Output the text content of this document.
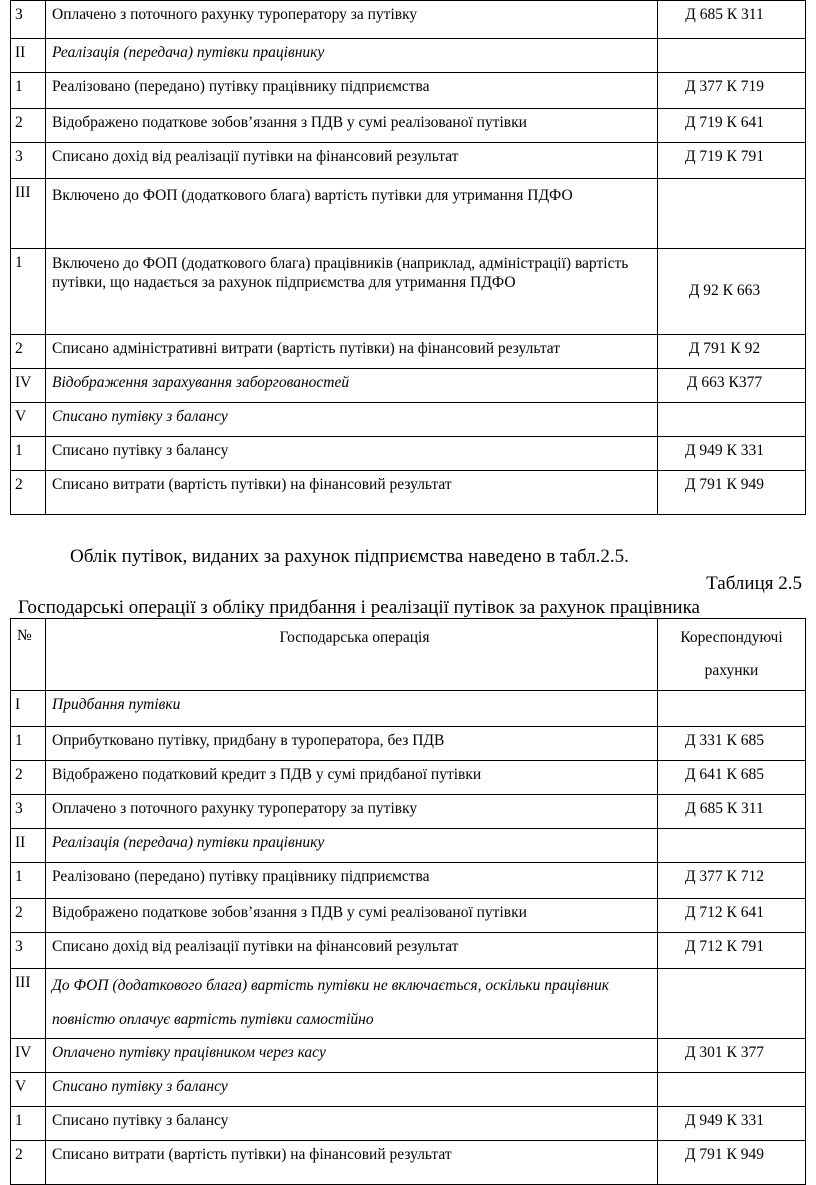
3	Оплачено з поточного рахунку туроператору за путівку	Д 685 К 311
ІІ	Реалізація (передача) путівки працівнику	
1	Реалізовано (передано) путівку працівнику підприємства	Д 377 К 719
2	Відображено податкове зобов’язання з ПДВ у сумі реалізованої путівки	Д 719 К 641
3	Списано дохід від реалізації путівки на фінансовий результат	Д 719 К 791
ІІІ	Включено до ФОП (додаткового блага) вартість путівки для утримання ПДФО	
1	Включено до ФОП (додаткового блага) працівників (наприклад, адміністрації) вартість путівки, що надається за рахунок підприємства для утримання ПДФО	Д 92 К 663
2	Списано адміністративні витрати (вартість путівки) на фінансовий результат	Д 791 К 92
ІV	Відображення зарахування заборгованостей	Д 663 К377
V	Списано путівку з балансу	
1	Списано путівку з балансу	Д 949 К 331
2	Списано витрати (вартість путівки) на фінансовий результат	Д 791 К 949
Облік путівок, виданих за рахунок підприємства наведено в табл.2.5.
Таблиця 2.5
Господарські операції з обліку придбання і реалізації путівок за рахунок працівника
№	Господарська операція	Кореспондуючі рахунки
І	Придбання путівки	
1	Оприбутковано путівку, придбану в туроператора, без ПДВ	Д 331 К 685
2	Відображено податковий кредит з ПДВ у сумі придбаної путівки	Д 641 К 685
3	Оплачено з поточного рахунку туроператору за путівку	Д 685 К 311
ІІ	Реалізація (передача) путівки працівнику	
1	Реалізовано (передано) путівку працівнику підприємства	Д 377 К 712
2	Відображено податкове зобов’язання з ПДВ у сумі реалізованої путівки	Д 712 К 641
3	Списано дохід від реалізації путівки на фінансовий результат	Д 712 К 791
ІІІ	До ФОП (додаткового блага) вартість путівки не включається, оскільки працівник повністю оплачує вартість путівки самостійно	
ІV	Оплачено путівку працівником через касу	Д 301 К 377
V	Списано путівку з балансу	
1	Списано путівку з балансу	Д 949 К 331
2	Списано витрати (вартість путівки) на фінансовий результат	Д 791 К 949
